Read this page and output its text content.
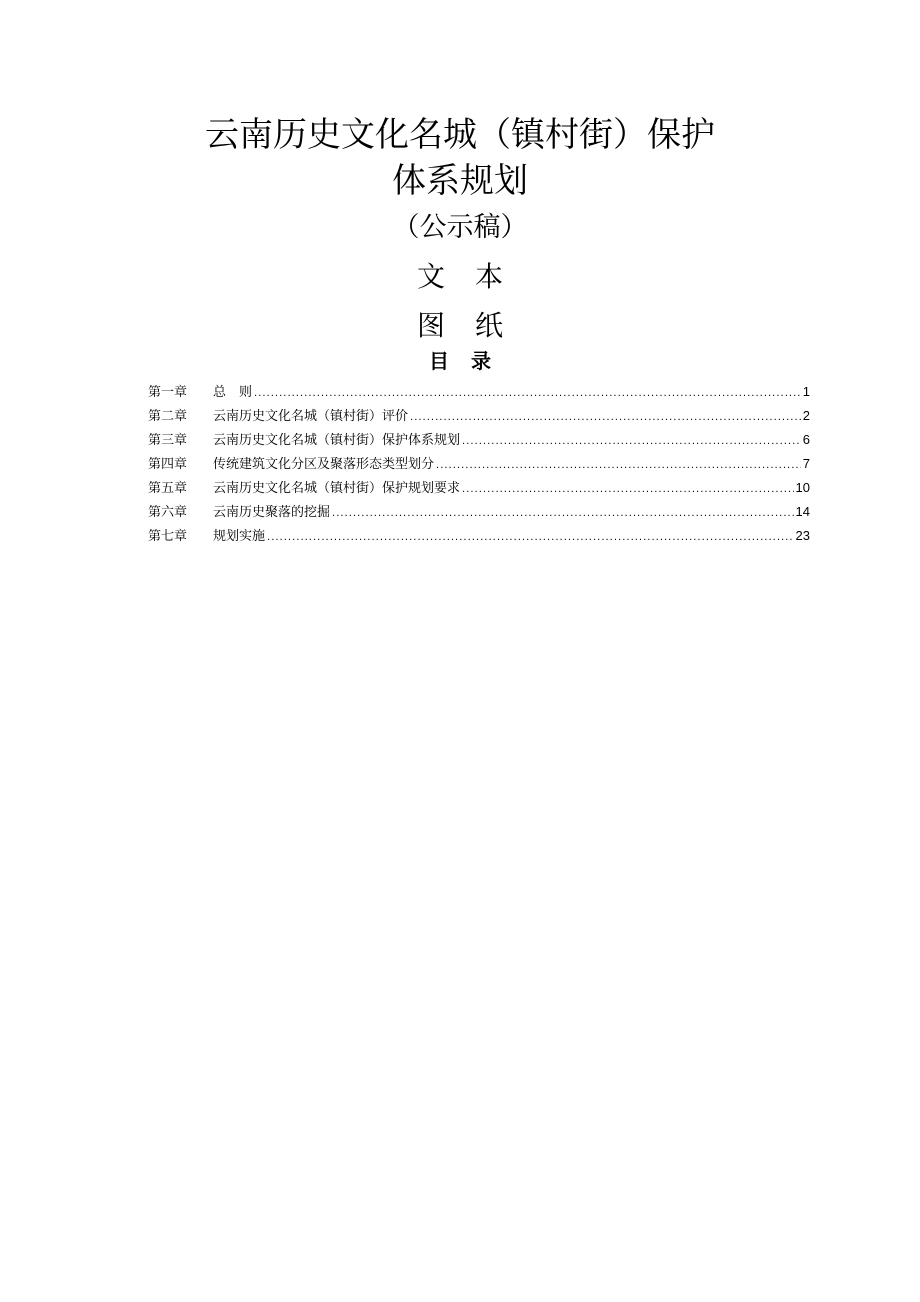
云南历史文化名城（镇村街）保护
体系规划
（公示稿）
文 本
图 纸
目 录
第一章	总　则 .....	1
第二章	云南历史文化名城（镇村街）评价 .....	2
第三章	云南历史文化名城（镇村街）保护体系规划 .....	6
第四章	传统建筑文化分区及聚落形态类型划分 .....	7
第五章	云南历史文化名城（镇村街）保护规划要求 .....	10
第六章	云南历史聚落的挖掘 .....	14
第七章	规划实施 .....	23
